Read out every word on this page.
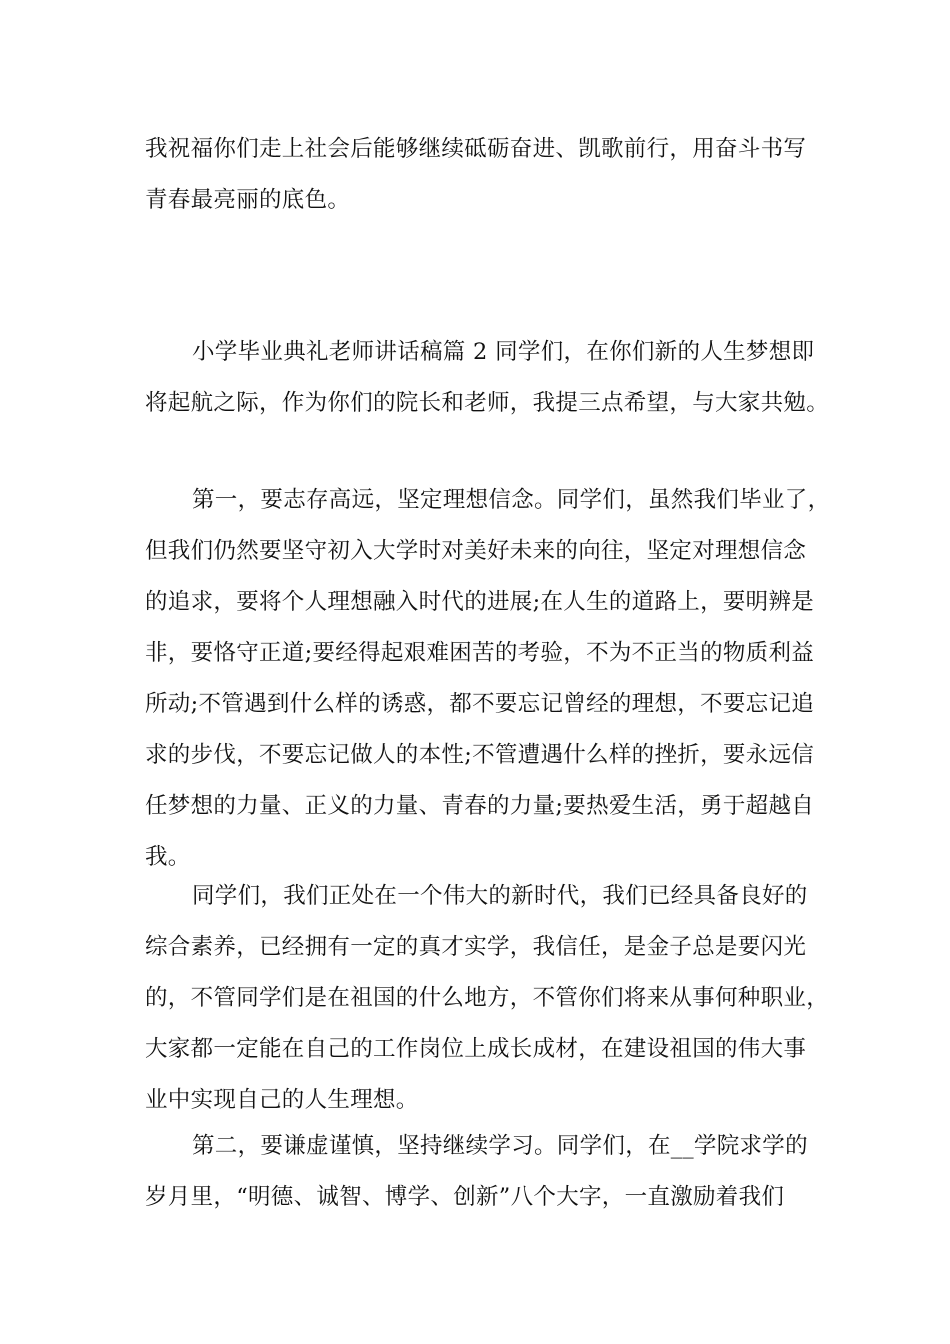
我祝福你们走上社会后能够继续砥砺奋进、凯歌前行，用奋斗书写
青春最亮丽的底色。

小学毕业典礼老师讲话稿篇 2 同学们，在你们新的人生梦想即
将起航之际，作为你们的院长和老师，我提三点希望，与大家共勉。

第一，要志存高远，坚定理想信念。同学们，虽然我们毕业了，
但我们仍然要坚守初入大学时对美好未来的向往，坚定对理想信念
的追求，要将个人理想融入时代的进展;在人生的道路上，要明辨是
非，要恪守正道;要经得起艰难困苦的考验，不为不正当的物质利益
所动;不管遇到什么样的诱惑，都不要忘记曾经的理想，不要忘记追
求的步伐，不要忘记做人的本性;不管遭遇什么样的挫折，要永远信
任梦想的力量、正义的力量、青春的力量;要热爱生活，勇于超越自
我。

同学们，我们正处在一个伟大的新时代，我们已经具备良好的
综合素养，已经拥有一定的真才实学，我信任，是金子总是要闪光
的，不管同学们是在祖国的什么地方，不管你们将来从事何种职业，
大家都一定能在自己的工作岗位上成长成材，在建设祖国的伟大事
业中实现自己的人生理想。

第二，要谦虚谨慎，坚持继续学习。同学们，在__学院求学的
岁月里，“明德、诚智、博学、创新”八个大字，一直激励着我们
